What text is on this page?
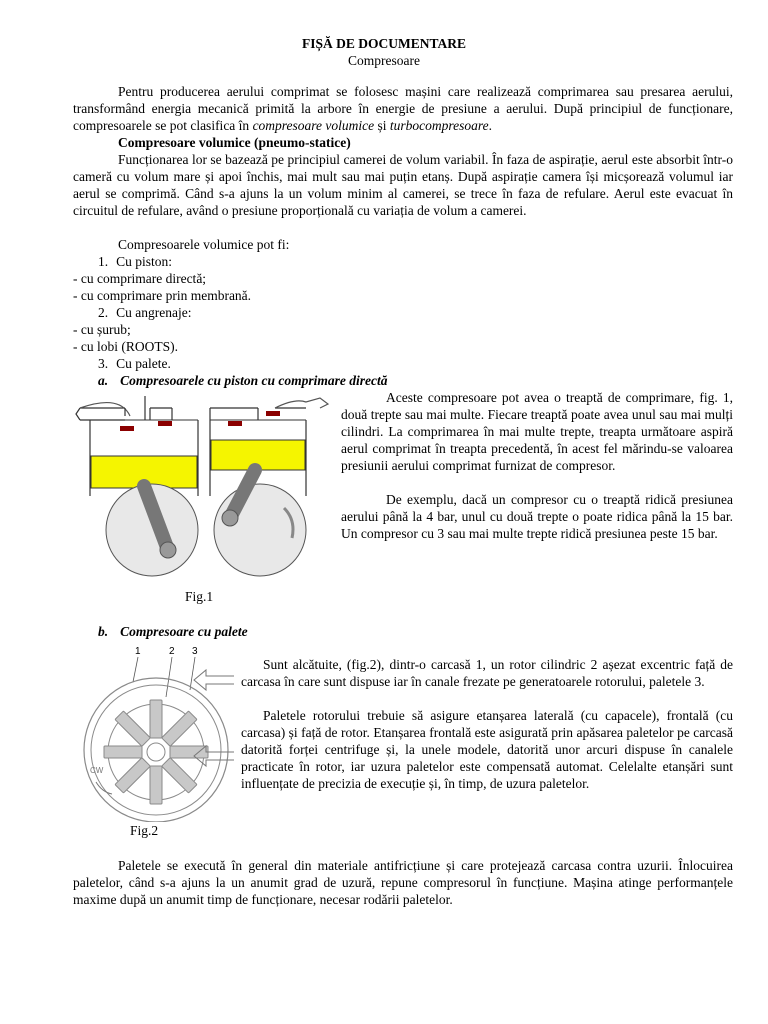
FIȘĂ DE DOCUMENTARE
Compresoare
Pentru producerea aerului comprimat se folosesc mașini care realizează comprimarea sau presarea aerului, transformând energia mecanică primită la arbore în energie de presiune a aerului. După principiul de funcționare, compresoarele se pot clasifica în compresoare volumice și turbocompresoare.
Compresoare volumice (pneumo-statice)
Funcționarea lor se bazează pe principiul camerei de volum variabil. În faza de aspirație, aerul este absorbit într-o cameră cu volum mare și apoi închis, mai mult sau mai puțin etanș. După aspirație camera își micșorează volumul iar aerul se comprimă. Când s-a ajuns la un volum minim al camerei, se trece în faza de refulare. Aerul este evacuat în circuitul de refulare, având o presiune proporțională cu variația de volum a camerei.
Compresoarele volumice pot fi:
1. Cu piston:
- cu comprimare directă;
- cu comprimare prin membrană.
2. Cu angrenaje:
- cu șurub;
- cu lobi (ROOTS).
3. Cu palete.
a. Compresoarele cu piston cu comprimare directă
Aceste compresoare pot avea o treaptă de comprimare, fig. 1, două trepte sau mai multe. Fiecare treaptă poate avea unul sau mai mulți cilindri. La comprimarea în mai multe trepte, treapta următoare aspiră aerul comprimat în treapta precedentă, în acest fel mărindu-se valoarea presiunii aerului comprimat furnizat de compresor.
De exemplu, dacă un compresor cu o treaptă ridică presiunea aerului până la 4 bar, unul cu două trepte o poate ridica până la 15 bar. Un compresor cu 3 sau mai multe trepte ridică presiunea peste 15 bar.
Fig.1
b. Compresoare cu palete
1	2 3
CW
Sunt alcătuite, (fig.2), dintr-o carcasă 1, un rotor cilindric 2 așezat excentric față de carcasa în care sunt dispuse iar în canale frezate pe generatoarele rotorului, paletele 3.
Paletele rotorului trebuie să asigure etanșarea laterală (cu capacele), frontală (cu carcasa) și față de rotor. Etanșarea frontală este asigurată prin apăsarea paletelor pe carcasă datorită forței centrifuge și, la unele modele, datorită unor arcuri dispuse în canalele practicate în rotor, iar uzura paletelor este compensată automat. Celelalte etanșări sunt influențate de precizia de execuție și, în timp, de uzura paletelor.
Fig.2
Paletele se execută în general din materiale antifricțiune și care protejează carcasa contra uzurii. Înlocuirea paletelor, când s-a ajuns la un anumit grad de uzură, repune compresorul în funcțiune. Mașina atinge performanțele maxime după un anumit timp de funcționare, necesar rodării paletelor.
